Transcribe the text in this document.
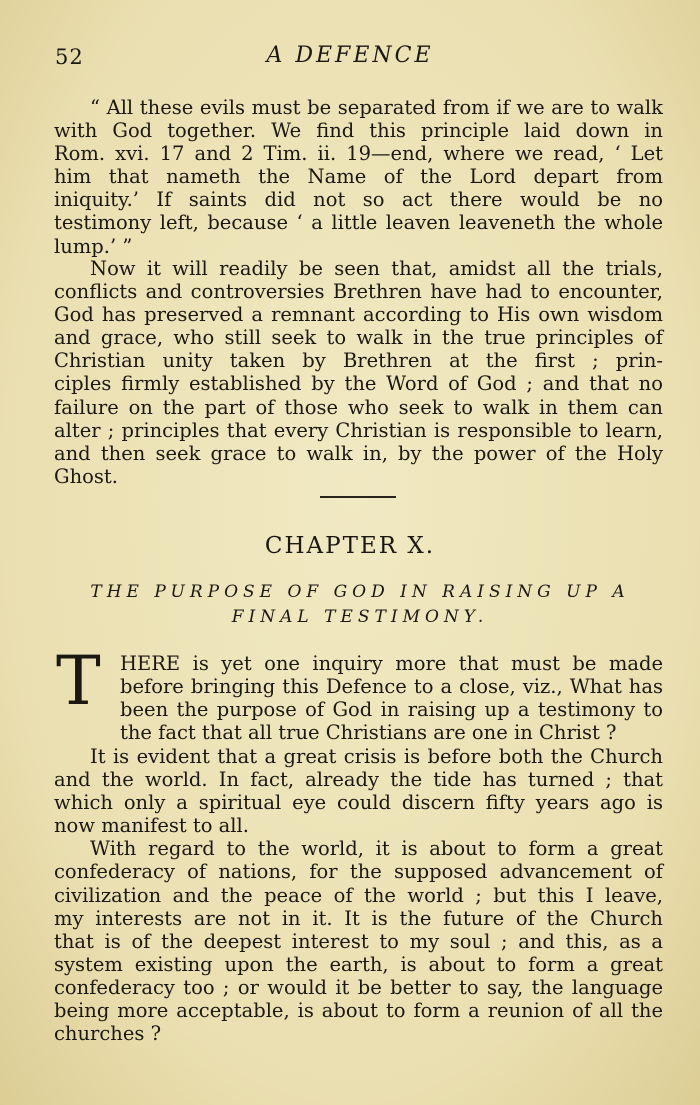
52	A DEFENCE
“ All these evils must be separated from if we are to walk
with God together. We find this principle laid down in
Rom. xvi. 17 and 2 Tim. ii. 19—end, where we read, ‘ Let
him that nameth the Name of the Lord depart from
iniquity.’ If saints did not so act there would be no
testimony left, because ‘ a little leaven leaveneth the whole
lump.’ ”
Now it will readily be seen that, amidst all the trials,
conflicts and controversies Brethren have had to encounter,
God has preserved a remnant according to His own wisdom
and grace, who still seek to walk in the true principles of
Christian unity taken by Brethren at the first ; prin-
ciples firmly established by the Word of God ; and that no
failure on the part of those who seek to walk in them can
alter ; principles that every Christian is responsible to learn,
and then seek grace to walk in, by the power of the Holy
Ghost.
CHAPTER X.
THE PURPOSE OF GOD IN RAISING UP A
FINAL TESTIMONY.
T HERE is yet one inquiry more that must be made
before bringing this Defence to a close, viz., What has
been the purpose of God in raising up a testimony to
the fact that all true Christians are one in Christ ?
It is evident that a great crisis is before both the Church
and the world. In fact, already the tide has turned ; that
which only a spiritual eye could discern fifty years ago is
now manifest to all.
With regard to the world, it is about to form a great
confederacy of nations, for the supposed advancement of
civilization and the peace of the world ; but this I leave,
my interests are not in it. It is the future of the Church
that is of the deepest interest to my soul ; and this, as a
system existing upon the earth, is about to form a great
confederacy too ; or would it be better to say, the language
being more acceptable, is about to form a reunion of all the
churches ?
